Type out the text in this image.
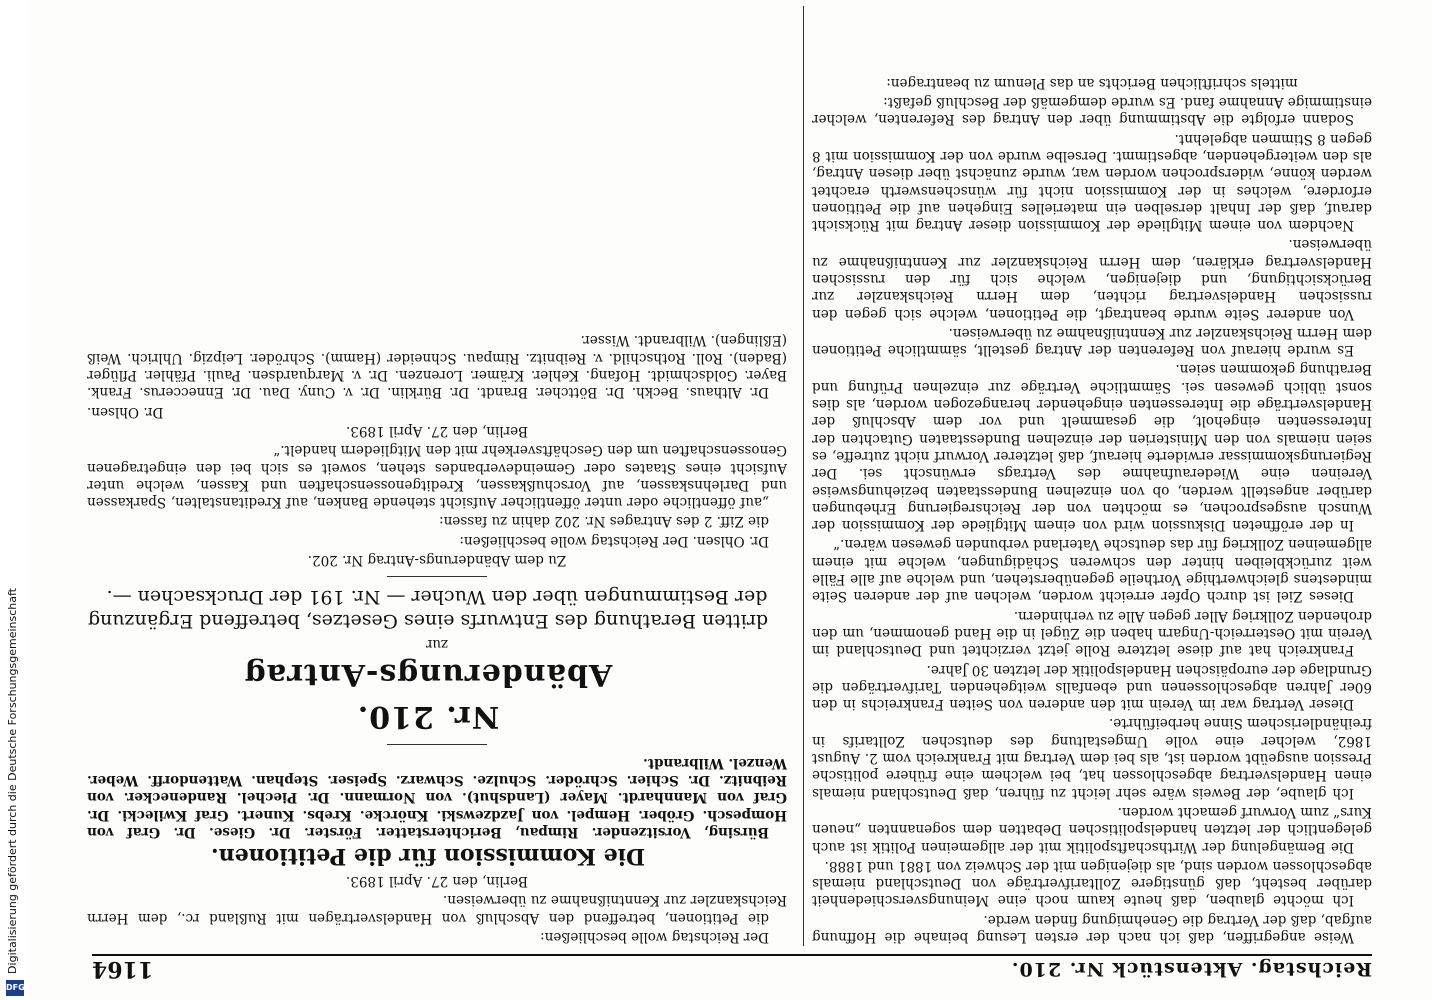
Digitalisierung gefördert durch die Deutsche Forschungsgemeinschaft
DFG
Reichstag. Aktenstück Nr. 210.
1164

Weise angegriffen, daß ich nach der ersten Lesung beinahe die Hoffnung aufgab, daß der Vertrag die Genehmigung finden werde.

Ich möchte glauben, daß heute kaum noch eine Meinungsverschiedenheit darüber besteht, daß günstigere Zolltarifverträge von Deutschland niemals abgeschlossen worden sind, als diejenigen mit der Schweiz von 1881 und 1888.

Die Bemängelung der Wirthschaftspolitik mit der allgemeinen Politik ist auch gelegentlich der letzten handelspolitischen Debatten dem sogenannten „neuen Kurs“ zum Vorwurf gemacht worden.

Ich glaube, der Beweis wäre sehr leicht zu führen, daß Deutschland niemals einen Handelsvertrag abgeschlossen hat, bei welchem eine frühere politische Pression ausgeübt worden ist, als bei dem Vertrag mit Frankreich vom 2. August 1862, welcher eine volle Umgestaltung des deutschen Zolltarifs in freihändlerischem Sinne herbeiführte.

Dieser Vertrag war im Verein mit den anderen von Seiten Frankreichs in den 60er Jahren abgeschlossenen und ebenfalls weitgehenden Tarifverträgen die Grundlage der europäischen Handelspolitik der letzten 30 Jahre.

Frankreich hat auf diese letztere Rolle jetzt verzichtet und Deutschland im Verein mit Oesterreich-Ungarn haben die Zügel in die Hand genommen, um den drohenden Zollkrieg Aller gegen Alle zu verhindern.

Dieses Ziel ist durch Opfer erreicht worden, welchen auf der anderen Seite mindestens gleichwerthige Vortheile gegenüberstehen, und welche auf alle Fälle weit zurückbleiben hinter den schweren Schädigungen, welche mit einem allgemeinen Zollkrieg für das deutsche Vaterland verbunden gewesen wären.“

In der eröffneten Diskussion wird von einem Mitgliede der Kommission der Wunsch ausgesprochen, es möchten von der Reichsregierung Erhebungen darüber angestellt werden, ob von einzelnen Bundesstaaten beziehungsweise Vereinen eine Wiederaufnahme des Vertrags erwünscht sei. Der Regierungskommissar erwiderte hierauf, daß letzterer Vorwurf nicht zutreffe, es seien niemals von den Ministerien der einzelnen Bundesstaaten Gutachten der Interessenten eingeholt, die gesammelt und vor dem Abschluß der Handelsverträge die Interessenten eingehender herangezogen worden, als dies sonst üblich gewesen sei. Sämmtliche Verträge zur einzelnen Prüfung und Berathung gekommen seien.

Es wurde hierauf von Referenten der Antrag gestellt, sämmtliche Petitionen dem Herrn Reichskanzler zur Kenntnißnahme zu überweisen.

Von anderer Seite wurde beantragt, die Petitionen, welche sich gegen den russischen Handelsvertrag richten, dem Herrn Reichskanzler zur Berücksichtigung, und diejenigen, welche sich für den russischen Handelsvertrag erklären, dem Herrn Reichskanzler zur Kenntnißnahme zu überweisen.

Nachdem von einem Mitgliede der Kommission dieser Antrag mit Rücksicht darauf, daß der Inhalt derselben ein materielles Eingehen auf die Petitionen erfordere, welches in der Kommission nicht für wünschenswerth erachtet werden könne, widersprochen worden war, wurde zunächst über diesen Antrag, als den weitergehenden, abgestimmt. Derselbe wurde von der Kommission mit 8 gegen 8 Stimmen abgelehnt.

Sodann erfolgte die Abstimmung über den Antrag des Referenten, welcher einstimmige Annahme fand. Es wurde demgemäß der Beschluß gefaßt:

mittels schriftlichen Berichts an das Plenum zu beantragen:

Der Reichstag wolle beschließen:

die Petitionen, betreffend den Abschluß von Handelsverträgen mit Rußland rc., dem Herrn Reichskanzler zur Kenntnißnahme zu überweisen.

Berlin, den 27. April 1893.

Die Kommission für die Petitionen.

Bürsing, Vorsitzender. Rimpau, Berichterstatter. Förster. Dr. Giese. Dr. Graf von Hompesch. Gröber. Hempel. von Jazdzewski. Knörcke. Krebs. Kunert. Graf Kwilecki. Dr. Graf von Mannhardt. Mayer (Landshut). von Normann. Dr. Piechel. Randenecker. von Reibnitz. Dr. Schier. Schröder. Schulze. Schwarz. Speiser. Stephan. Wattendorff. Weber. Wenzel. Wilbrandt.

Nr. 210.

Abänderungs-Antrag

zur

dritten Berathung des Entwurfs eines Gesetzes, betreffend Ergänzung der Bestimmungen über den Wucher — Nr. 191 der Drucksachen —.

Zu dem Abänderungs-Antrag Nr. 202.

Dr. Ohlsen. Der Reichstag wolle beschließen:

die Ziff. 2 des Antrages Nr. 202 dahin zu fassen:

„auf öffentliche oder unter öffentlicher Aufsicht stehende Banken, auf Kreditanstalten, Sparkassen und Darlehnskassen, auf Vorschußkassen, Kreditgenossenschaften und Kassen, welche unter Aufsicht eines Staates oder Gemeindeverbandes stehen, soweit es sich bei den eingetragenen Genossenschaften um den Geschäftsverkehr mit den Mitgliedern handelt.“

Berlin, den 27. April 1893.

Dr. Ohlsen.

Dr. Althaus. Beckh. Dr. Böttcher. Brandt. Dr. Bürklin. Dr. v. Cuny. Dau. Dr. Enneccerus. Frank. Bayer. Goldschmidt. Hofang. Kehler. Krämer. Lorenzen. Dr. v. Marquardsen. Pauli. Pfähler. Pflüger (Baden). Roll. Rothschild. v. Reibnitz. Rimpau. Schneider (Hamm). Schröder. Leipzig. Uhlrich. Weiß (Eßlingen). Wilbrandt. Wisser.
